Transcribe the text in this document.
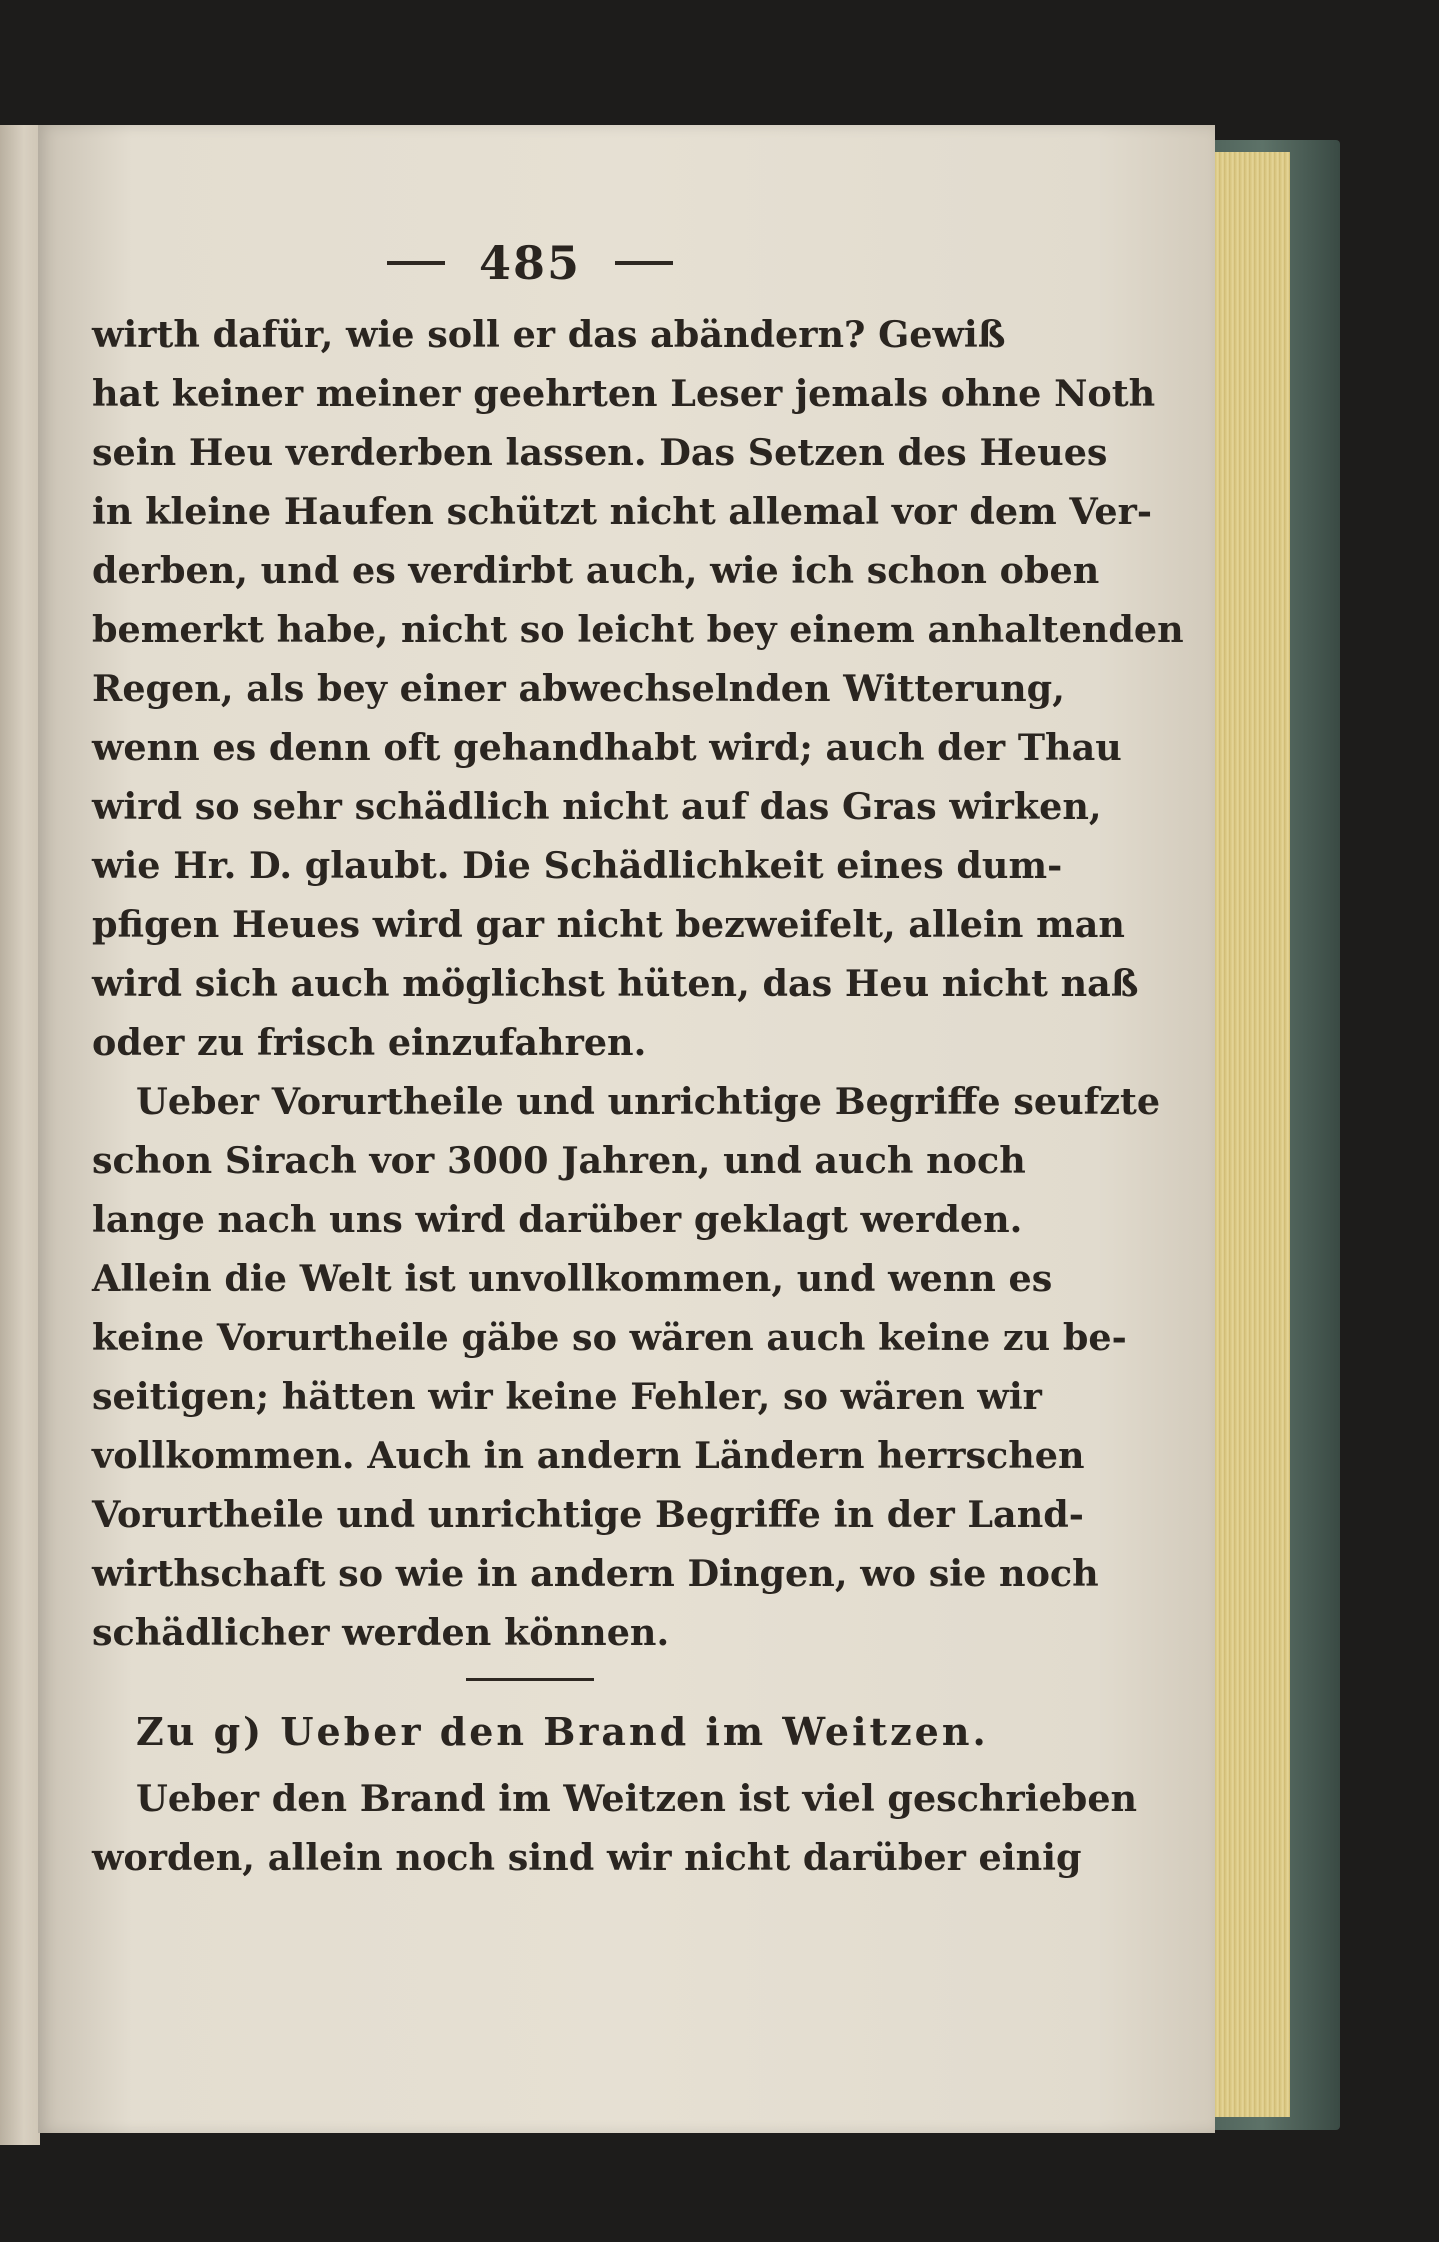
485
wirth dafür, wie soll er das abändern? Gewiß
hat keiner meiner geehrten Leser jemals ohne Noth
sein Heu verderben lassen. Das Setzen des Heues
in kleine Haufen schützt nicht allemal vor dem Ver-
derben, und es verdirbt auch, wie ich schon oben
bemerkt habe, nicht so leicht bey einem anhaltenden
Regen, als bey einer abwechselnden Witterung,
wenn es denn oft gehandhabt wird; auch der Thau
wird so sehr schädlich nicht auf das Gras wirken,
wie Hr. D. glaubt. Die Schädlichkeit eines dum-
pfigen Heues wird gar nicht bezweifelt, allein man
wird sich auch möglichst hüten, das Heu nicht naß
oder zu frisch einzufahren.
Ueber Vorurtheile und unrichtige Begriffe seufzte
schon Sirach vor 3000 Jahren, und auch noch
lange nach uns wird darüber geklagt werden.
Allein die Welt ist unvollkommen, und wenn es
keine Vorurtheile gäbe so wären auch keine zu be-
seitigen; hätten wir keine Fehler, so wären wir
vollkommen. Auch in andern Ländern herrschen
Vorurtheile und unrichtige Begriffe in der Land-
wirthschaft so wie in andern Dingen, wo sie noch
schädlicher werden können.
Zu g) Ueber den Brand im Weitzen.
Ueber den Brand im Weitzen ist viel geschrieben
worden, allein noch sind wir nicht darüber einig
